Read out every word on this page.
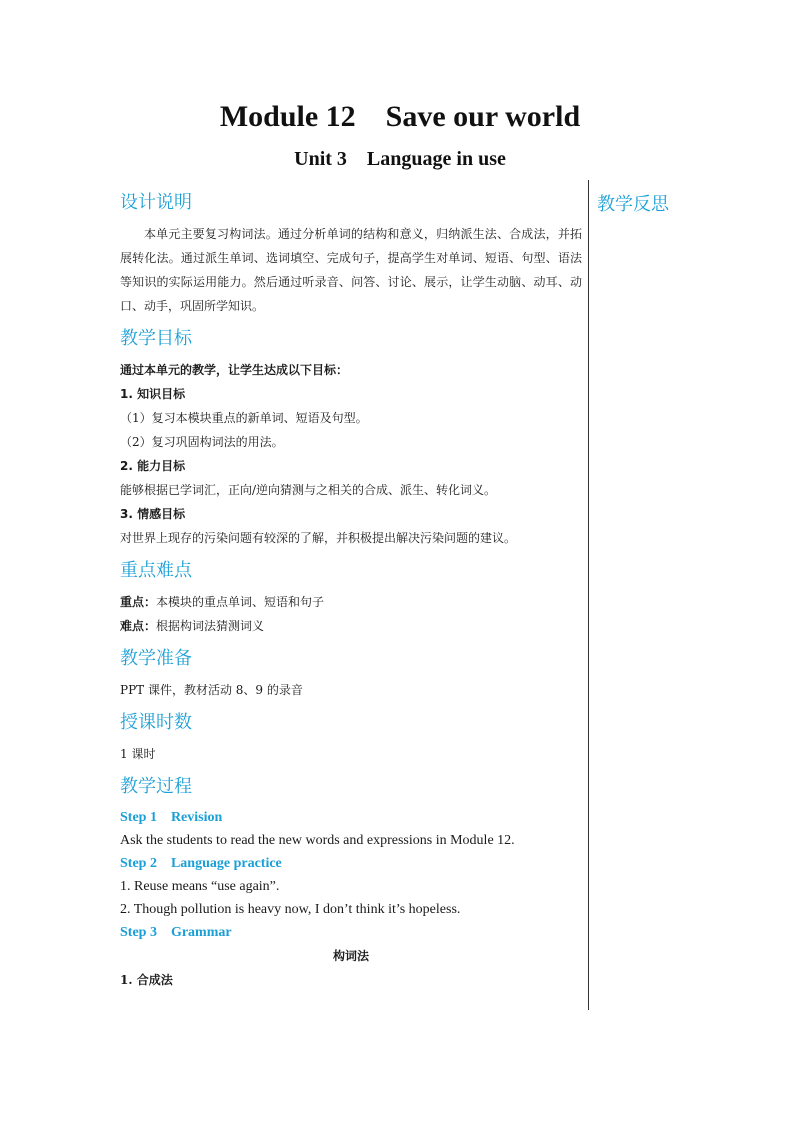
Module 12    Save our world
Unit 3    Language in use
教学反思
设计说明

本单元主要复习构词法。通过分析单词的结构和意义，归纳派生法、合成法，并拓展转化法。通过派生单词、选词填空、完成句子，提高学生对单词、短语、句型、语法等知识的实际运用能力。然后通过听录音、问答、讨论、展示，让学生动脑、动耳、动口、动手，巩固所学知识。

教学目标

通过本单元的教学，让学生达成以下目标：

1. 知识目标

（1）复习本模块重点的新单词、短语及句型。

（2）复习巩固构词法的用法。

2. 能力目标

能够根据已学词汇，正向/逆向猜测与之相关的合成、派生、转化词义。

3. 情感目标

对世界上现存的污染问题有较深的了解，并积极提出解决污染问题的建议。

重点难点

重点：本模块的重点单词、短语和句子

难点：根据构词法猜测词义

教学准备

PPT 课件，教材活动 8、9 的录音

授课时数

1 课时

教学过程
Step 1    Revision
Ask the students to read the new words and expressions in Module 12.
Step 2    Language practice
1. Reuse means “use again”.
2. Though pollution is heavy now, I don’t think it’s hopeless.
Step 3    Grammar

构词法

1. 合成法
